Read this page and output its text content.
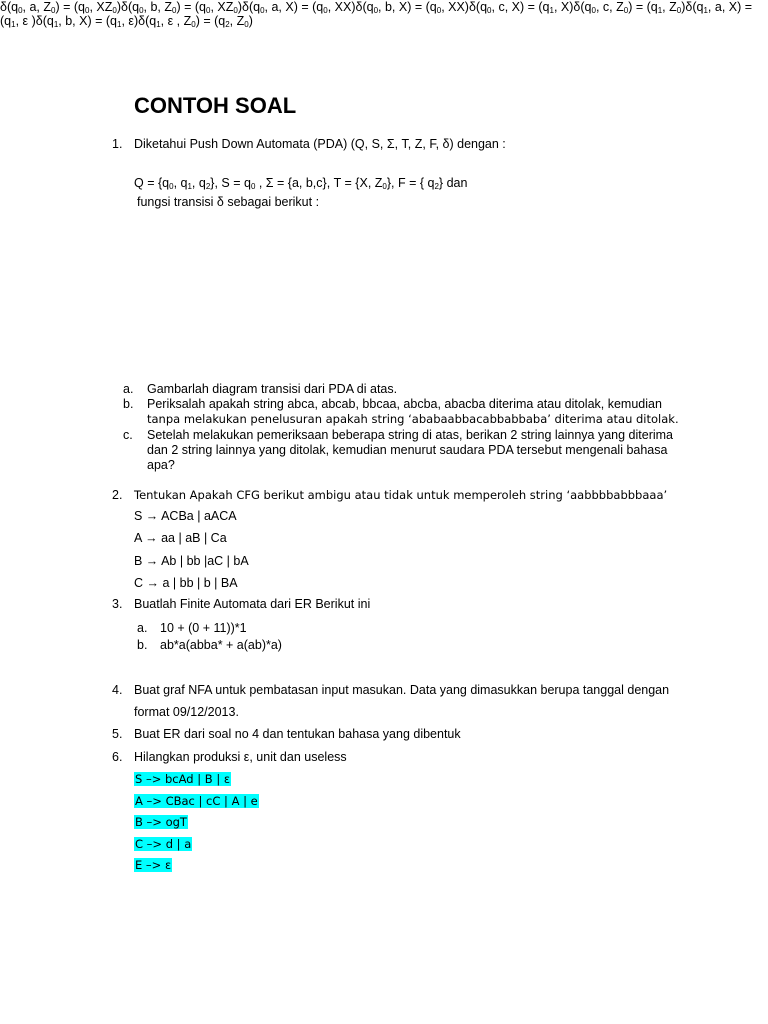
CONTOH SOAL
1. Diketahui Push Down Automata (PDA) (Q, S, Σ, T, Z, F, δ) dengan :
$Q = \{q_0$, $q_1$, $q_2$}, $S = q_0$ , Σ = {a, b,c}, T = {X, $Z_0$}, F = { $q_2$} dan
fungsi transisi δ sebagai berikut :
$\delta(q_0$, a, $Z_0) = (q_0$, $XZ_0)\delta(q_0$, b, $Z_0) = (q_0$, $XZ_0)\delta(q_0$, a, $X) = (q_0$, $XX)\delta(q_0$, b, $X) = (q_0$, $XX)\delta(q_0$, c, $X) = (q_1$, $X)\delta(q_0$, c, $Z_0) = (q_1$, $Z_0)\delta(q_1$, a, $X) = (q_1$, ε )$\delta(q_1$, b, $X) = (q_1$, $\varepsilon)\delta(q_1$, ε , $Z_0) = (q_2$, $Z_0$)
a. Gambarlah diagram transisi dari PDA di atas.
b. Periksalah apakah string abca, abcab, bbcaa, abcba, abacba diterima atau ditolak, kemudian
tanpa melakukan penelusuran apakah string ‘ababaabbacabbabbaba’ diterima atau ditolak.
c. Setelah melakukan pemeriksaan beberapa string di atas, berikan 2 string lainnya yang diterima
dan 2 string lainnya yang ditolak, kemudian menurut saudara PDA tersebut mengenali bahasa
apa?
2. Tentukan Apakah CFG berikut ambigu atau tidak untuk memperoleh string ‘aabbbbabbbaaa’
S → ACBa | aACA
A → aa | aB | Ca
B → Ab | bb |aC | bA
C → a | bb | b | BA
3. Buatlah Finite Automata dari ER Berikut ini
a. 10 + (0 + 11))*1
b. ab*a(abba* + a(ab)*a)
4. Buat graf NFA untuk pembatasan input masukan. Data yang dimasukkan berupa tanggal dengan
format 09/12/2013.
5. Buat ER dari soal no 4 dan tentukan bahasa yang dibentuk
6. Hilangkan produksi ε, unit dan useless
S –> bcAd | B | ε
A –> CBac | cC | A | e
B –> ogT
C –> d | a
E –> ε
